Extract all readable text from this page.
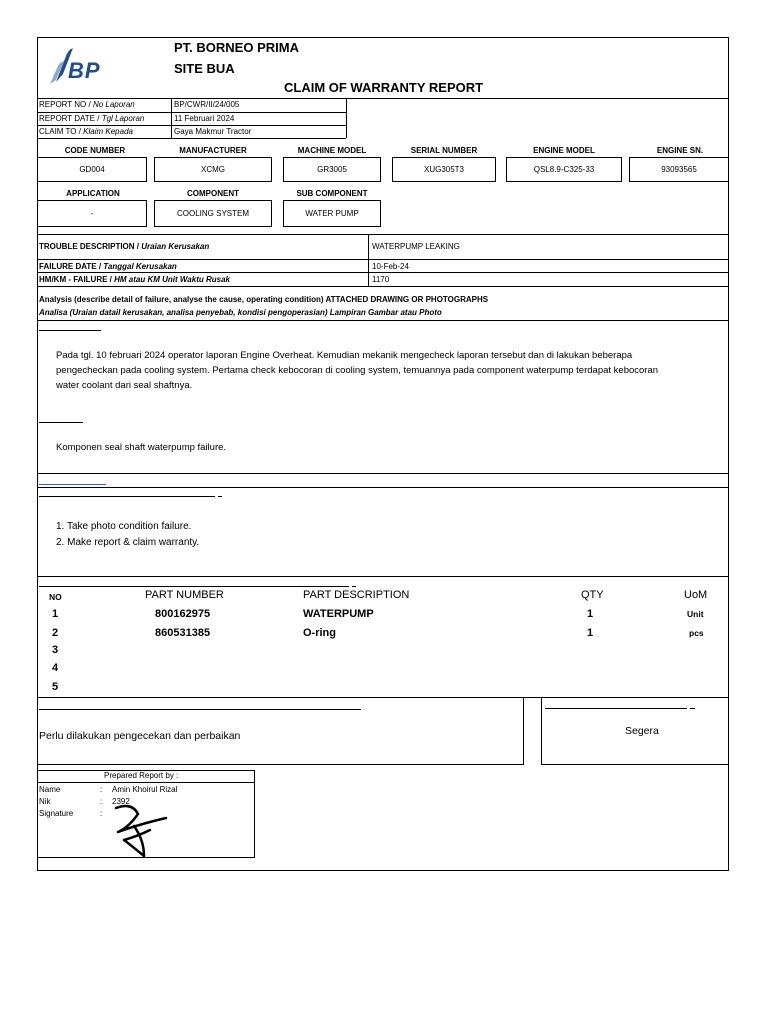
BP
PT. BORNEO PRIMA
SITE BUA
CLAIM OF WARRANTY REPORT
REPORT NO / No Laporan	BP/CWR/II/24/005
REPORT DATE / Tgl Laporan	11 Februari 2024
CLAIM TO / Klaim Kepada	Gaya Makmur Tractor
CODE NUMBER	MANUFACTURER	MACHINE MODEL	SERIAL NUMBER	ENGINE MODEL	ENGINE SN.
GD004	XCMG	GR3005	XUG305T3	QSL8.9-C325-33	93093565
APPLICATION	COMPONENT	SUB COMPONENT
-	COOLING SYSTEM	WATER PUMP
TROUBLE DESCRIPTION / Uraian Kerusakan	WATERPUMP LEAKING
FAILURE DATE / Tanggal Kerusakan	10-Feb-24
HM/KM - FAILURE / HM atau KM Unit Waktu Rusak	1170
Analysis (describe detail of failure, analyse the cause, operating condition) ATTACHED DRAWING OR PHOTOGRAPHS
Analisa (Uraian datail kerusakan, analisa penyebab, kondisi pengoperasian) Lampiran Gambar atau Photo
Pada tgl. 10 februari 2024 operator laporan Engine Overheat. Kemudian mekanik mengecheck laporan tersebut dan di lakukan beberapa
pengecheckan pada cooling system. Pertama check kebocoran di cooling system, temuannya pada component waterpump terdapat kebocoran
water coolant dari seal shaftnya.
Komponen seal shaft waterpump failure.
1. Take photo condition failure.
2. Make report & claim warranty.
NO	PART NUMBER	PART DESCRIPTION	QTY	UoM
1	800162975	WATERPUMP	1	Unit
2	860531385	O-ring	1	pcs
3
4
5
Perlu dilakukan pengecekan dan perbaikan	Segera
Prepared Report by :
Name	: Amin Khoirul Rizal
Nik	: 2392
Signature	:
